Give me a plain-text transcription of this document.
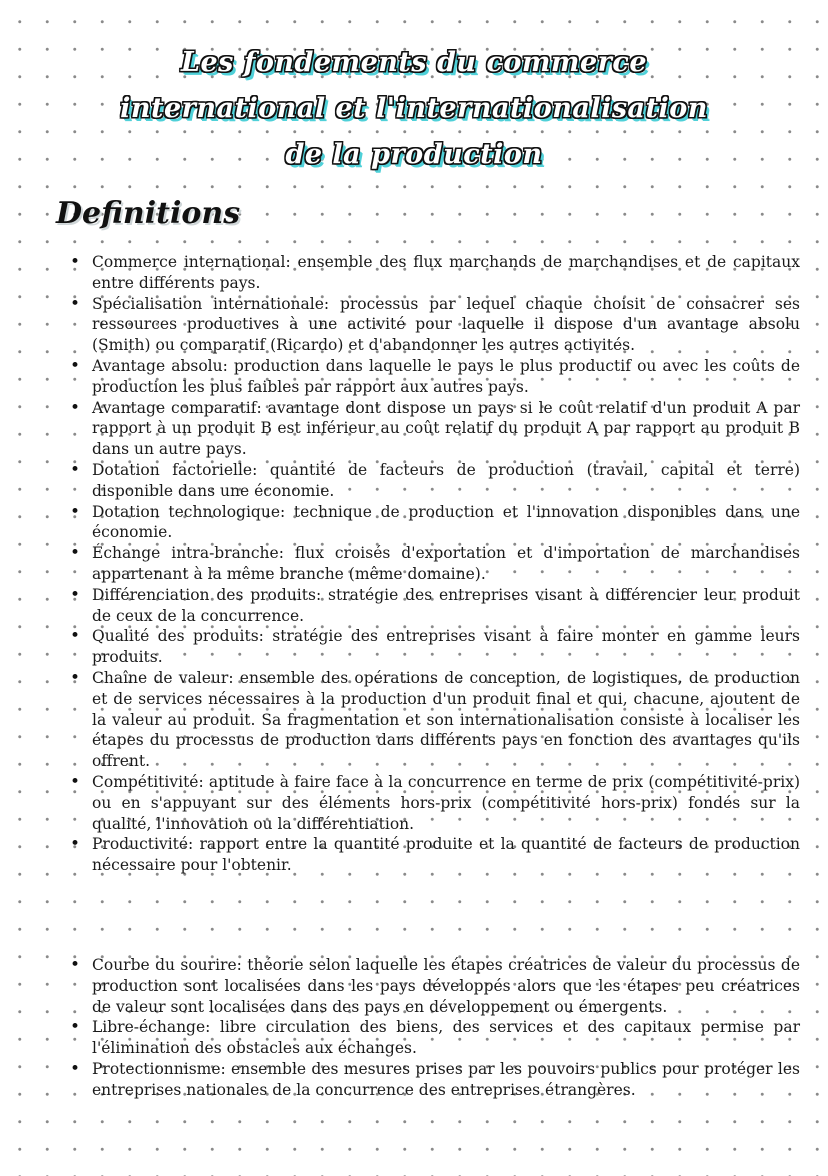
Les fondements du commerce
international et l'internationalisation
de la production
Definitions
• Commerce international: ensemble des flux marchands de marchandises et de capitaux entre différents pays.
• Spécialisation internationale: processus par lequel chaque choisit de consacrer ses ressources productives à une activité pour laquelle il dispose d'un avantage absolu (Smith) ou comparatif (Ricardo) et d'abandonner les autres activités.
• Avantage absolu: production dans laquelle le pays le plus productif ou avec les coûts de production les plus faibles par rapport aux autres pays.
• Avantage comparatif: avantage dont dispose un pays si le coût relatif d'un produit A par rapport à un produit B est inférieur au coût relatif du produit A par rapport au produit B dans un autre pays.
• Dotation factorielle: quantité de facteurs de production (travail, capital et terre) disponible dans une économie.
• Dotation technologique: technique de production et l'innovation disponibles dans une économie.
• Échange intra-branche: flux croisés d'exportation et d'importation de marchandises appartenant à la même branche (même domaine).
• Différenciation des produits: stratégie des entreprises visant à différencier leur produit de ceux de la concurrence.
• Qualité des produits: stratégie des entreprises visant à faire monter en gamme leurs produits.
• Chaîne de valeur: ensemble des opérations de conception, de logistiques, de production et de services nécessaires à la production d'un produit final et qui, chacune, ajoutent de la valeur au produit. Sa fragmentation et son internationalisation consiste à localiser les étapes du processus de production dans différents pays en fonction des avantages qu'ils offrent.
• Compétitivité: aptitude à faire face à la concurrence en terme de prix (compétitivité-prix) ou en s'appuyant sur des éléments hors-prix (compétitivité hors-prix) fondés sur la qualité, l'innovation ou la différentiation.
• Productivité: rapport entre la quantité produite et la quantité de facteurs de production nécessaire pour l'obtenir.
• Courbe du sourire: théorie selon laquelle les étapes créatrices de valeur du processus de production sont localisées dans les pays développés alors que les étapes peu créatrices de valeur sont localisées dans des pays en développement ou émergents.
• Libre-échange: libre circulation des biens, des services et des capitaux permise par l'élimination des obstacles aux échanges.
• Protectionnisme: ensemble des mesures prises par les pouvoirs publics pour protéger les entreprises nationales de la concurrence des entreprises étrangères.
